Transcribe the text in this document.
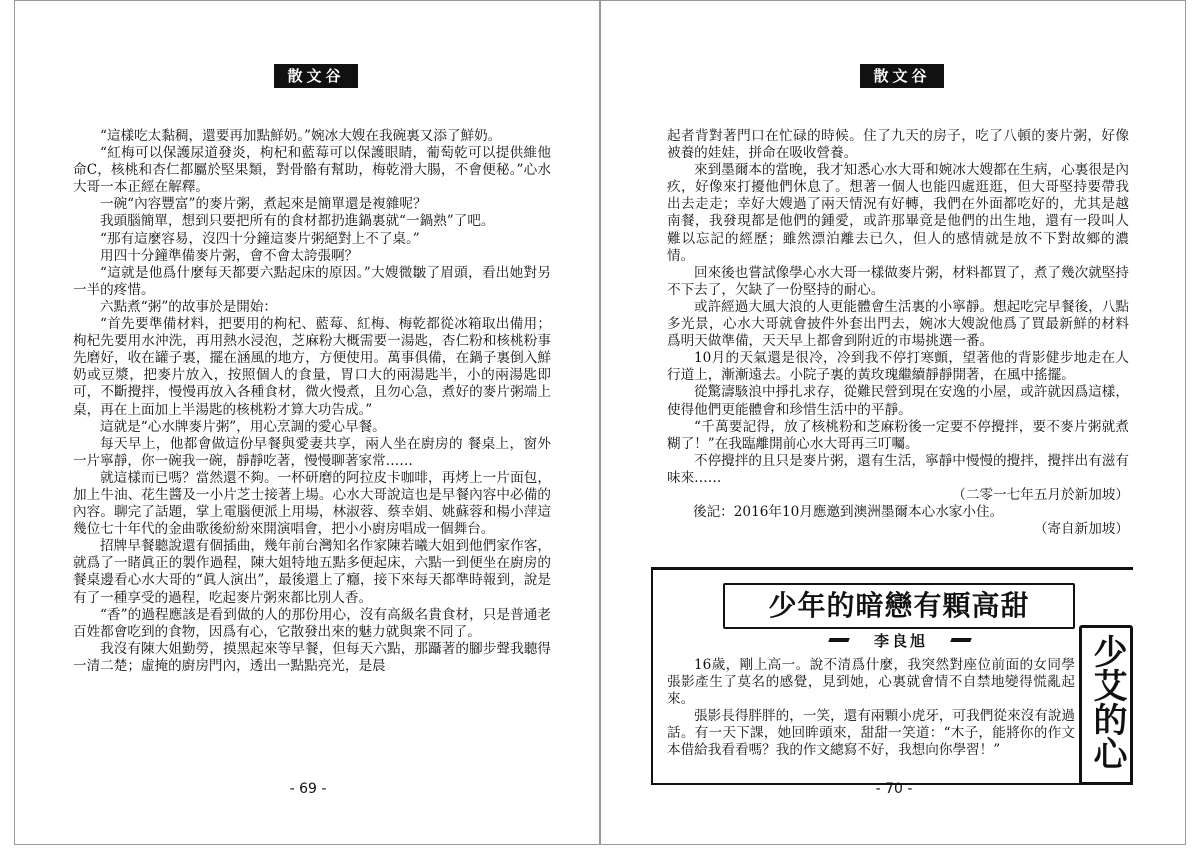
散文谷

“這樣吃太黏稠，還要再加點鮮奶。”婉冰大嫂在我碗裏又添了鮮奶。

“紅梅可以保護尿道發炎，枸杞和藍莓可以保護眼睛，葡萄乾可以提供維他命C，核桃和杏仁都屬於堅果類，對骨骼有幫助，梅乾滑大腸，不會便秘。”心水大哥一本正經在解釋。

一碗“內容豐富”的麥片粥，煮起來是簡單還是複雜呢？

我頭腦簡單，想到只要把所有的食材都扔進鍋裏就“一鍋熟”了吧。

“那有這麼容易，沒四十分鐘這麥片粥絕對上不了桌。”

用四十分鐘準備麥片粥，會不會太誇張啊？

“這就是他爲什麼每天都要六點起床的原因。”大嫂微皺了眉頭，看出她對另一半的疼惜。

六點煮“粥”的故事於是開始：

“首先要準備材料，把要用的枸杞、藍莓、紅梅、梅乾都從冰箱取出備用；枸杞先要用水沖洗，再用熱水浸泡，芝麻粉大概需要一湯匙，杏仁粉和核桃粉事先磨好，收在罐子裏，擺在涵風的地方，方便使用。萬事俱備，在鍋子裏倒入鮮奶或豆漿，把麥片放入，按照個人的食量，胃口大的兩湯匙半，小的兩湯匙即可，不斷攪拌，慢慢再放入各種食材，微火慢煮，且勿心急，煮好的麥片粥端上桌，再在上面加上半湯匙的核桃粉才算大功告成。”

這就是“心水牌麥片粥”，用心烹調的愛心早餐。

每天早上，他都會做這份早餐與愛妻共享，兩人坐在廚房的 餐桌上，窗外一片寧靜，你一碗我一碗，靜靜吃著，慢慢聊著家常……

就這樣而已嗎？當然還不夠。一杯研磨的阿拉皮卡咖啡，再烤上一片面包，加上牛油、花生醬及一小片芝士接著上場。心水大哥說這也是早餐內容中必備的內容。聊完了話題，掌上電腦便派上用場，林淑蓉、蔡幸娟、姚蘇蓉和楊小萍這幾位七十年代的金曲歌後紛紛來開演唱會，把小小廚房唱成一個舞台。

招牌早餐聽說還有個插曲，幾年前台灣知名作家陳若曦大姐到他們家作客，就爲了一睹眞正的製作過程，陳大姐特地五點多便起床，六點一到便坐在廚房的餐桌邊看心水大哥的“眞人演出”，最後還上了癮，接下來每天都準時報到，說是有了一種享受的過程，吃起麥片粥來都比別人香。

“香”的過程應該是看到做的人的那份用心，沒有高級名貴食材，只是普通老百姓都會吃到的食物，因爲有心，它散發出來的魅力就與衆不同了。

我沒有陳大姐勤勞，摸黑起來等早餐，但每天六點，那躡著的腳步聲我聽得一清二楚；虛掩的廚房門內，透出一點點亮光，是晨

- 69 -
散文谷

起者背對著門口在忙碌的時候。住了九天的房子，吃了八頓的麥片粥，好像被養的娃娃，拼命在吸收營養。

來到墨爾本的當晚，我才知悉心水大哥和婉冰大嫂都在生病，心裏很是內疚，好像來打擾他們休息了。想著一個人也能四處逛逛，但大哥堅持要帶我出去走走；幸好大嫂過了兩天情況有好轉，我們在外面都吃好的，尤其是越南餐，我發現都是他們的鍾愛，或許那畢竟是他們的出生地，還有一段叫人難以忘記的經歷；雖然漂泊離去已久，但人的感情就是放不下對故鄉的濃情。

回來後也嘗試像學心水大哥一樣做麥片粥，材料都買了，煮了幾次就堅持不下去了，欠缺了一份堅持的耐心。

或許經過大風大浪的人更能體會生活裏的小寧靜。想起吃完早餐後，八點多光景，心水大哥就會披件外套出門去，婉冰大嫂說他爲了買最新鮮的材料爲明天做準備，天天早上都會到附近的市場挑選一番。

10月的天氣還是很冷，冷到我不停打寒顫，望著他的背影健步地走在人行道上，漸漸遠去。小院子裏的黃玫瑰繼續靜靜開著，在風中搖擺。

從驚濤駭浪中掙扎求存，從難民營到現在安逸的小屋，或許就因爲這樣，使得他們更能體會和珍惜生活中的平靜。

“千萬要記得，放了核桃粉和芝麻粉後一定要不停攪拌，要不麥片粥就煮糊了！”在我臨離開前心水大哥再三叮囑。

不停攪拌的且只是麥片粥，還有生活，寧靜中慢慢的攪拌，攪拌出有滋有味來……

（二零一七年五月於新加坡）

後記：2016年10月應邀到澳洲墨爾本心水家小住。

（寄自新加坡）

少年的暗戀有顆高甜
李良旭

16歲，剛上高一。說不清爲什麼，我突然對座位前面的女同學張影產生了莫名的感覺，見到她，心裏就會情不自禁地變得慌亂起來。

張影長得胖胖的，一笑，還有兩顆小虎牙，可我們從來沒有說過話。有一天下課，她回眸頭來，甜甜一笑道：“木子，能將你的作文本借給我看看嗎？我的作文總寫不好，我想向你學習！”	少艾的心
- 70 -
